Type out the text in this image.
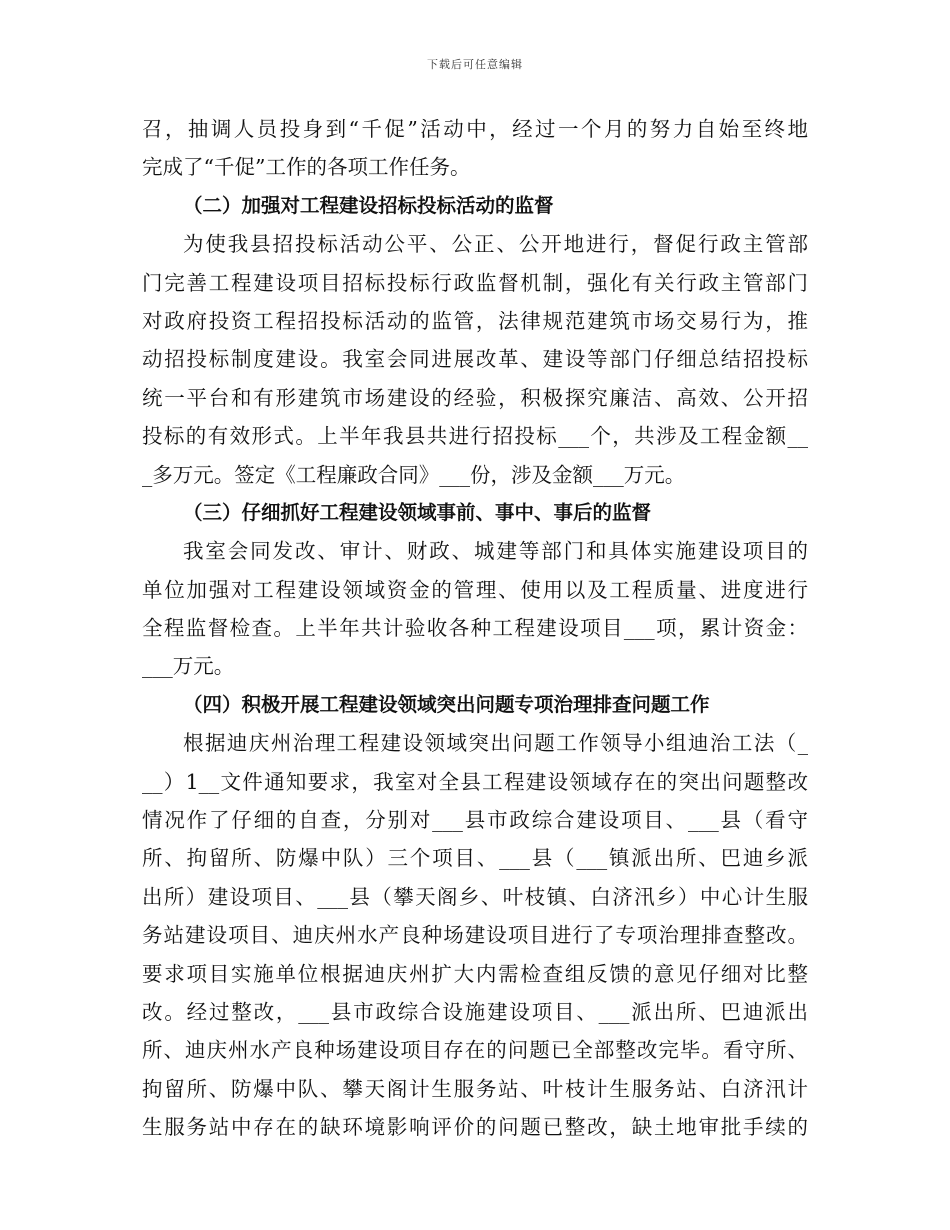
下载后可任意编辑
召，抽调人员投身到“千促”活动中，经过一个月的努力自始至终地
完成了“千促”工作的各项工作任务。
（二）加强对工程建设招标投标活动的监督
为使我县招投标活动公平、公正、公开地进行，督促行政主管部
门完善工程建设项目招标投标行政监督机制，强化有关行政主管部门
对政府投资工程招投标活动的监管，法律规范建筑市场交易行为，推
动招投标制度建设。我室会同进展改革、建设等部门仔细总结招投标
统一平台和有形建筑市场建设的经验，积极探究廉洁、高效、公开招
投标的有效形式。上半年我县共进行招投标___个，共涉及工程金额__
_多万元。签定《工程廉政合同》___份，涉及金额___万元。
（三）仔细抓好工程建设领域事前、事中、事后的监督
我室会同发改、审计、财政、城建等部门和具体实施建设项目的
单位加强对工程建设领域资金的管理、使用以及工程质量、进度进行
全程监督检查。上半年共计验收各种工程建设项目___项，累计资金：
___万元。
（四）积极开展工程建设领域突出问题专项治理排查问题工作
根据迪庆州治理工程建设领域突出问题工作领导小组迪治工法（_
__）1__文件通知要求，我室对全县工程建设领域存在的突出问题整改
情况作了仔细的自查，分别对___县市政综合建设项目、___县（看守
所、拘留所、防爆中队）三个项目、___县（___镇派出所、巴迪乡派
出所）建设项目、___县（攀天阁乡、叶枝镇、白济汛乡）中心计生服
务站建设项目、迪庆州水产良种场建设项目进行了专项治理排查整改。
要求项目实施单位根据迪庆州扩大内需检查组反馈的意见仔细对比整
改。经过整改，___县市政综合设施建设项目、___派出所、巴迪派出
所、迪庆州水产良种场建设项目存在的问题已全部整改完毕。看守所、
拘留所、防爆中队、攀天阁计生服务站、叶枝计生服务站、白济汛计
生服务站中存在的缺环境影响评价的问题已整改，缺土地审批手续的
